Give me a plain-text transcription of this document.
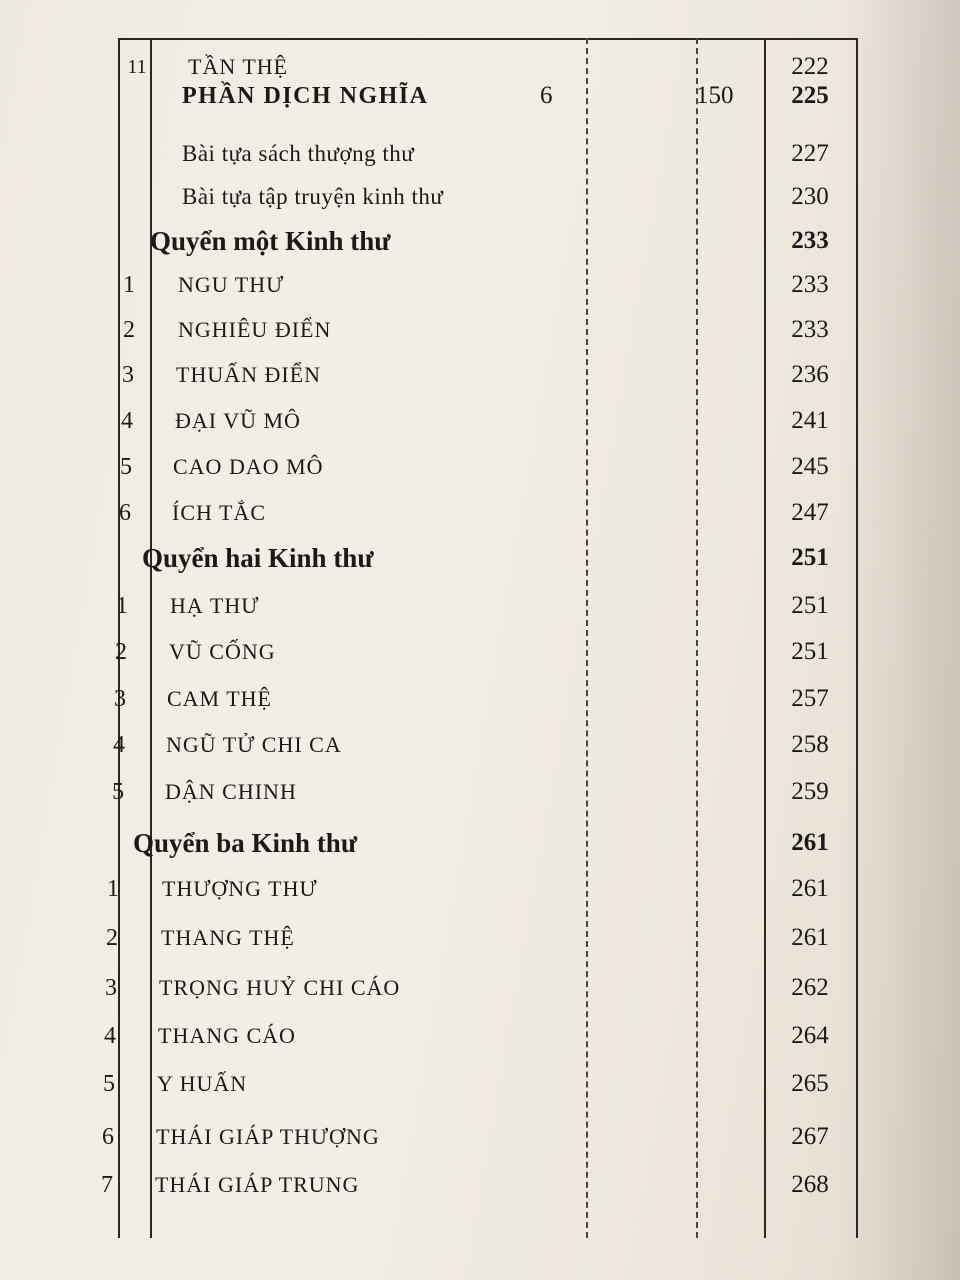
11 TẦN THỆ	222
PHẦN DỊCH NGHĨA	6	150	225
Bài tựa sách thượng thư	227
Bài tựa tập truyện kinh thư	230
Quyển một Kinh thư	233
1	NGU THƯ	233
2	NGHIÊU ĐIỂN	233
3	THUẤN ĐIỂN	236
4	ĐẠI VŨ MÔ	241
5	CAO DAO MÔ	245
6	ÍCH TẮC	247
Quyển hai Kinh thư	251
1	HẠ THƯ	251
2	VŨ CỐNG	251
3	CAM THỆ	257
4	NGŨ TỬ CHI CA	258
5	DẬN CHINH	259
Quyển ba Kinh thư	261
1	THƯỢNG THƯ	261
2	THANG THỆ	261
3	TRỌNG HUỶ CHI CÁO	262
4	THANG CÁO	264
5	Y HUẤN	265
6	THÁI GIÁP THƯỢNG	267
7	THÁI GIÁP TRUNG	268
